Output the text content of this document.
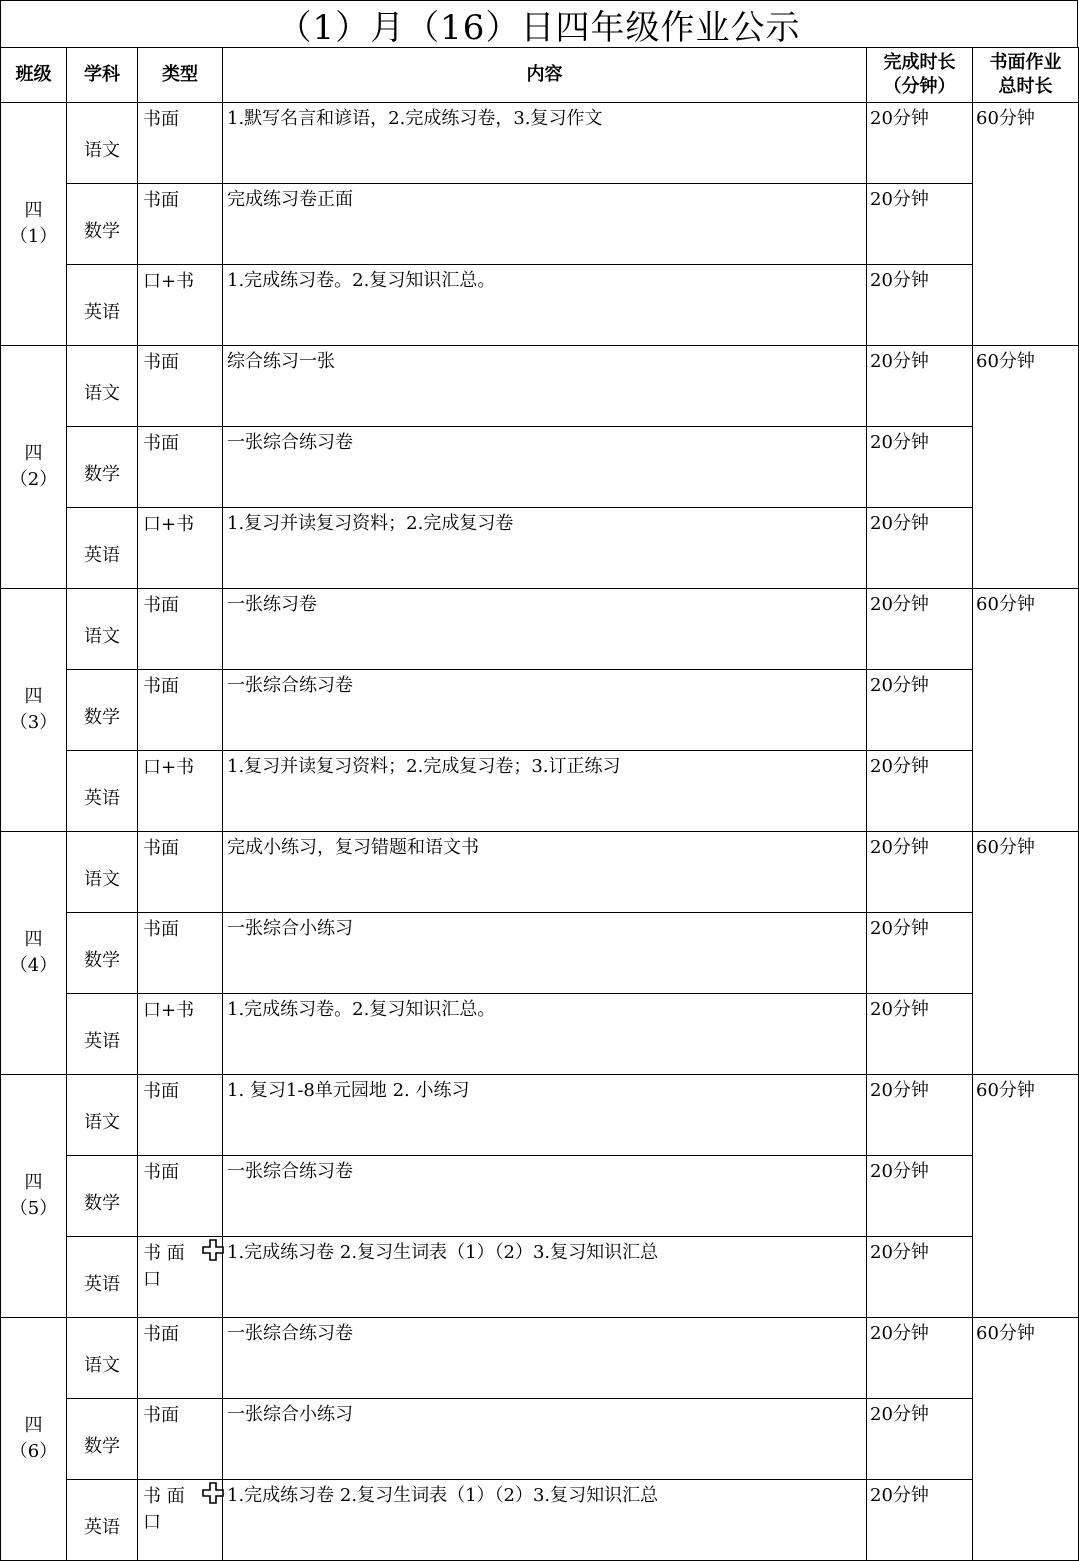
（1）月（16）日四年级作业公示
班级	学科	类型	内容	完成时长
（分钟）	书面作业
总时长
四
（1）	语文	书面	1.默写名言和谚语，2.完成练习卷，3.复习作文	20分钟	60分钟
	数学	书面	完成练习卷正面	20分钟	
	英语	口+书	1.完成练习卷。2.复习知识汇总。	20分钟	
四
（2）	语文	书面	综合练习一张	20分钟	60分钟
	数学	书面	一张综合练习卷	20分钟	
	英语	口+书	1.复习并读复习资料；2.完成复习卷	20分钟	
四
（3）	语文	书面	一张练习卷	20分钟	60分钟
	数学	书面	一张综合练习卷	20分钟	
	英语	口+书	1.复习并读复习资料；2.完成复习卷；3.订正练习	20分钟	
四
（4）	语文	书面	完成小练习，复习错题和语文书	20分钟	60分钟
	数学	书面	一张综合小练习	20分钟	
	英语	口+书	1.完成练习卷。2.复习知识汇总。	20分钟	
四
（5）	语文	书面	1. 复习1-8单元园地 2. 小练习	20分钟	60分钟
	数学	书面	一张综合练习卷	20分钟	
	英语	书 面
口	1.完成练习卷 2.复习生词表（1）（2）3.复习知识汇总	20分钟	
四
（6）	语文	书面	一张综合练习卷	20分钟	60分钟
	数学	书面	一张综合小练习	20分钟	
	英语	书 面
口	1.完成练习卷 2.复习生词表（1）（2）3.复习知识汇总	20分钟	
